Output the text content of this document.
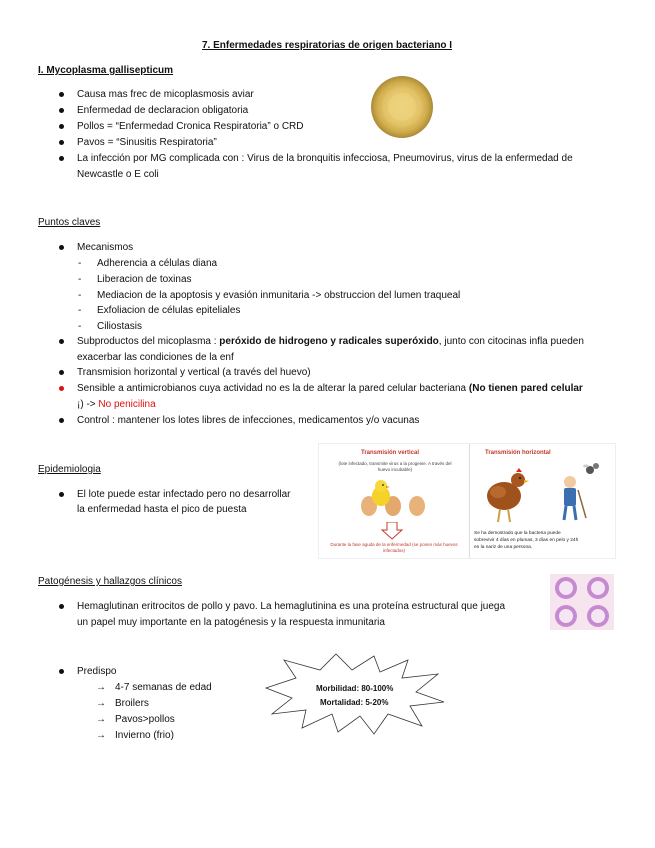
7. Enfermedades respiratorias de origen bacteriano I
I. Mycoplasma gallisepticum
Causa mas frec de micoplasmosis aviar
Enfermedad de declaracion obligatoria
Pollos = “Enfermedad Cronica Respiratoria” o CRD
Pavos = “Sinusitis Respiratoria”
La infección por MG complicada con : Virus de la bronquitis infecciosa, Pneumovirus, virus de la enfermedad de
Newcastle o E coli
Puntos claves
Mecanismos
- Adherencia a células diana
- Liberacion de toxinas
- Mediacion de la apoptosis y evasión inmunitaria -> obstruccion del lumen traqueal
- Exfoliacion de células epiteliales
- Ciliostasis
Subproductos del micoplasma : peróxido de hidrogeno y radicales superóxido, junto con citocinas infla pueden
exacerbar las condiciones de la enf
Transmision horizontal y vertical (a través del huevo)
Sensible a antimicrobianos cuya actividad no es la de alterar la pared celular bacteriana (No tienen pared celular
¡) -> No penicilina
Control : mantener los lotes libres de infecciones, medicamentos y/o vacunas
Epidemiologia
El lote puede estar infectado pero no desarrollar
la enfermedad hasta el pico de puesta
Transmisión vertical
(lote infectado, transmite virus a la progenie. A través del huevo incubable)
Durante la fase aguda de la enfermedad (se ponen más huevos infectados)
Transmisión horizontal
Se ha demostrado que la bacteria puede
sobrevivir 4 días en plumas, 3 días en pelo y 24h
en la nariz de una persona.
Patogénesis y hallazgos clínicos
Hemaglutinan eritrocitos de pollo y pavo. La hemaglutinina es una proteína estructural que juega
un papel muy importante en la patogénesis y la respuesta inmunitaria
Predispo
→ 4-7 semanas de edad
→ Broilers
→ Pavos>pollos
→ Invierno (frio)
Morbilidad: 80-100%
Mortalidad: 5-20%
